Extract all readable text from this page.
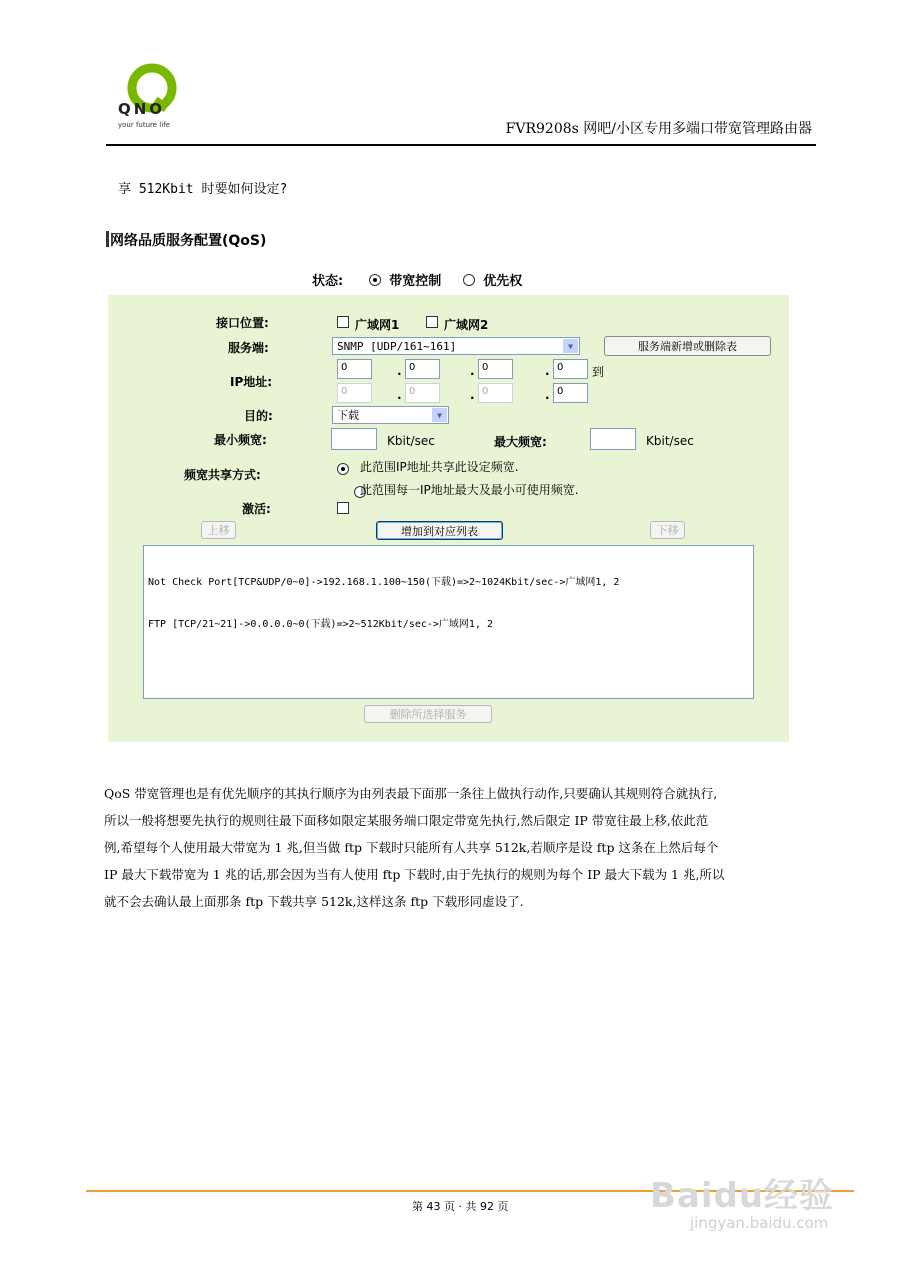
QNO
your future life	FVR9208s 网吧/小区专用多端口带宽管理路由器
享 512Kbit 时要如何设定?
网络品质服务配置(QoS)
状态:	带宽控制	优先权
接口位置:	广域网1	广域网2
服务端:	SNMP [UDP/161~161]	▼	服务端新增或删除表
IP地址:
0	. 0	. 0	. 0	到
0	. 0	. 0	. 0
目的:	下载	▼
最小频宽:	Kbit/sec	最大频宽:	Kbit/sec
频宽共享方式:

此范围IP地址共享此设定频宽.
此范围每一IP地址最大及最小可使用频宽.
激活:
上移	增加到对应列表	下移

Not Check Port[TCP&UDP/0~0]->192.168.1.100~150(下载)=>2~1024Kbit/sec->广域网1, 2

FTP [TCP/21~21]->0.0.0.0~0(下载)=>2~512Kbit/sec->广域网1, 2

删除所选择服务
QoS 带宽管理也是有优先顺序的其执行顺序为由列表最下面那一条往上做执行动作,只要确认其规则符合就执行,
所以一般将想要先执行的规则往最下面移如限定某服务端口限定带宽先执行,然后限定 IP 带宽往最上移,依此范
例,希望每个人使用最大带宽为 1 兆,但当做 ftp 下载时只能所有人共享 512k,若顺序是设 ftp 这条在上然后每个
IP 最大下载带宽为 1 兆的话,那会因为当有人使用 ftp 下载时,由于先执行的规则为每个 IP 最大下载为 1 兆,所以
就不会去确认最上面那条 ftp 下载共享 512k,这样这条 ftp 下载形同虚设了.
第 43 页 · 共 92 页	Baidu经验
jingyan.baidu.com
